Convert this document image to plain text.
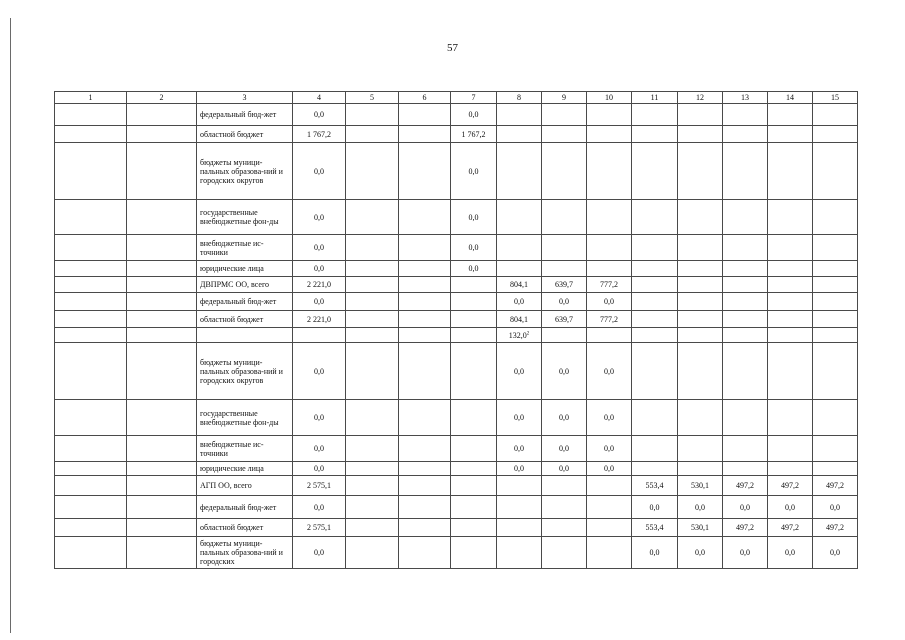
57
1	2	3	4	5	6	7	8	9	10	11	12	13	14	15
		федеральный бюд-жет	0,0			0,0								
		областной бюджет	1 767,2			1 767,2								
		бюджеты муници-пальных образова-ний и городских округов	0,0			0,0								
		государственные внебюджетные фон-ды	0,0			0,0								
		внебюджетные ис-точники	0,0			0,0								
		юридические лица	0,0			0,0								
		ДВПРМС ОО, всего	2 221,0				804,1	639,7	777,2					
		федеральный бюд-жет	0,0				0,0	0,0	0,0					
		областной бюджет	2 221,0				804,1	639,7	777,2					
							132,0$^2$							
		бюджеты муници-пальных образова-ний и городских округов	0,0				0,0	0,0	0,0					
		государственные внебюджетные фон-ды	0,0				0,0	0,0	0,0					
		внебюджетные ис-точники	0,0				0,0	0,0	0,0					
		юридические лица	0,0				0,0	0,0	0,0					
		АГП ОО, всего	2 575,1							553,4	530,1	497,2	497,2	497,2
		федеральный бюд-жет	0,0							0,0	0,0	0,0	0,0	0,0
		областной бюджет	2 575,1							553,4	530,1	497,2	497,2	497,2
		бюджеты муници-пальных образова-ний и городских	0,0							0,0	0,0	0,0	0,0	0,0
